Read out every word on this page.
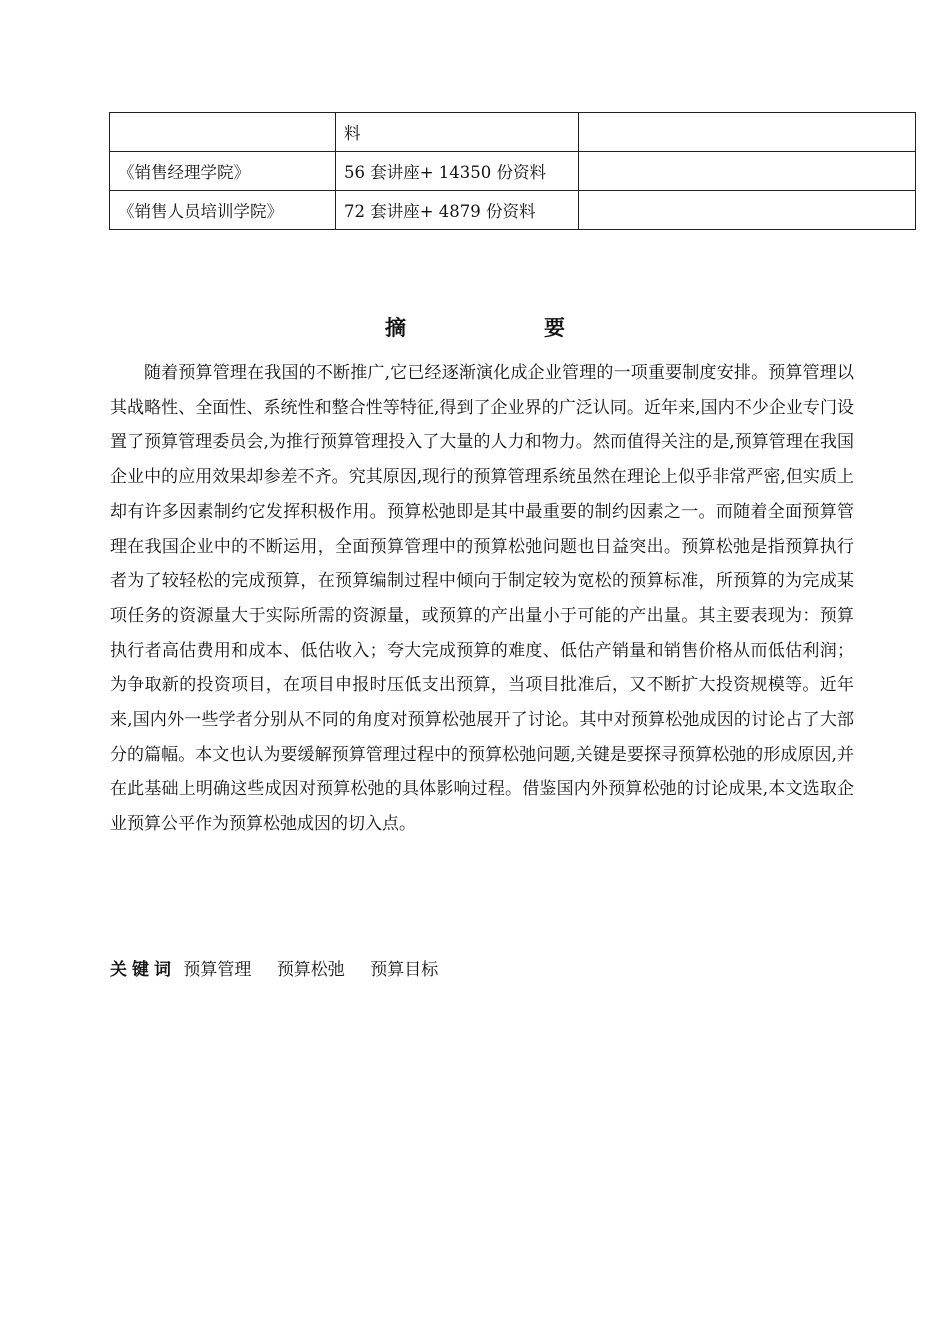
	料	
《销售经理学院》	56 套讲座+ 14350 份资料	
《销售人员培训学院》	72 套讲座+ 4879 份资料	
摘	要

随着预算管理在我国的不断推广,它已经逐渐演化成企业管理的一项重要制度安排。预算管理以其战略性、全面性、系统性和整合性等特征,得到了企业界的广泛认同。近年来,国内不少企业专门设置了预算管理委员会,为推行预算管理投入了大量的人力和物力。然而值得关注的是,预算管理在我国企业中的应用效果却参差不齐。究其原因,现行的预算管理系统虽然在理论上似乎非常严密,但实质上却有许多因素制约它发挥积极作用。预算松弛即是其中最重要的制约因素之一。而随着全面预算管理在我国企业中的不断运用，全面预算管理中的预算松弛问题也日益突出。预算松弛是指预算执行者为了较轻松的完成预算，在预算编制过程中倾向于制定较为宽松的预算标准，所预算的为完成某项任务的资源量大于实际所需的资源量，或预算的产出量小于可能的产出量。其主要表现为：预算执行者高估费用和成本、低估收入；夸大完成预算的难度、低估产销量和销售价格从而低估利润；为争取新的投资项目，在项目申报时压低支出预算，当项目批准后，又不断扩大投资规模等。近年来,国内外一些学者分别从不同的角度对预算松弛展开了讨论。其中对预算松弛成因的讨论占了大部分的篇幅。本文也认为要缓解预算管理过程中的预算松弛问题,关键是要探寻预算松弛的形成原因,并在此基础上明确这些成因对预算松弛的具体影响过程。借鉴国内外预算松弛的讨论成果,本文选取企业预算公平作为预算松弛成因的切入点。

关键词 预算管理 预算松弛 预算目标
